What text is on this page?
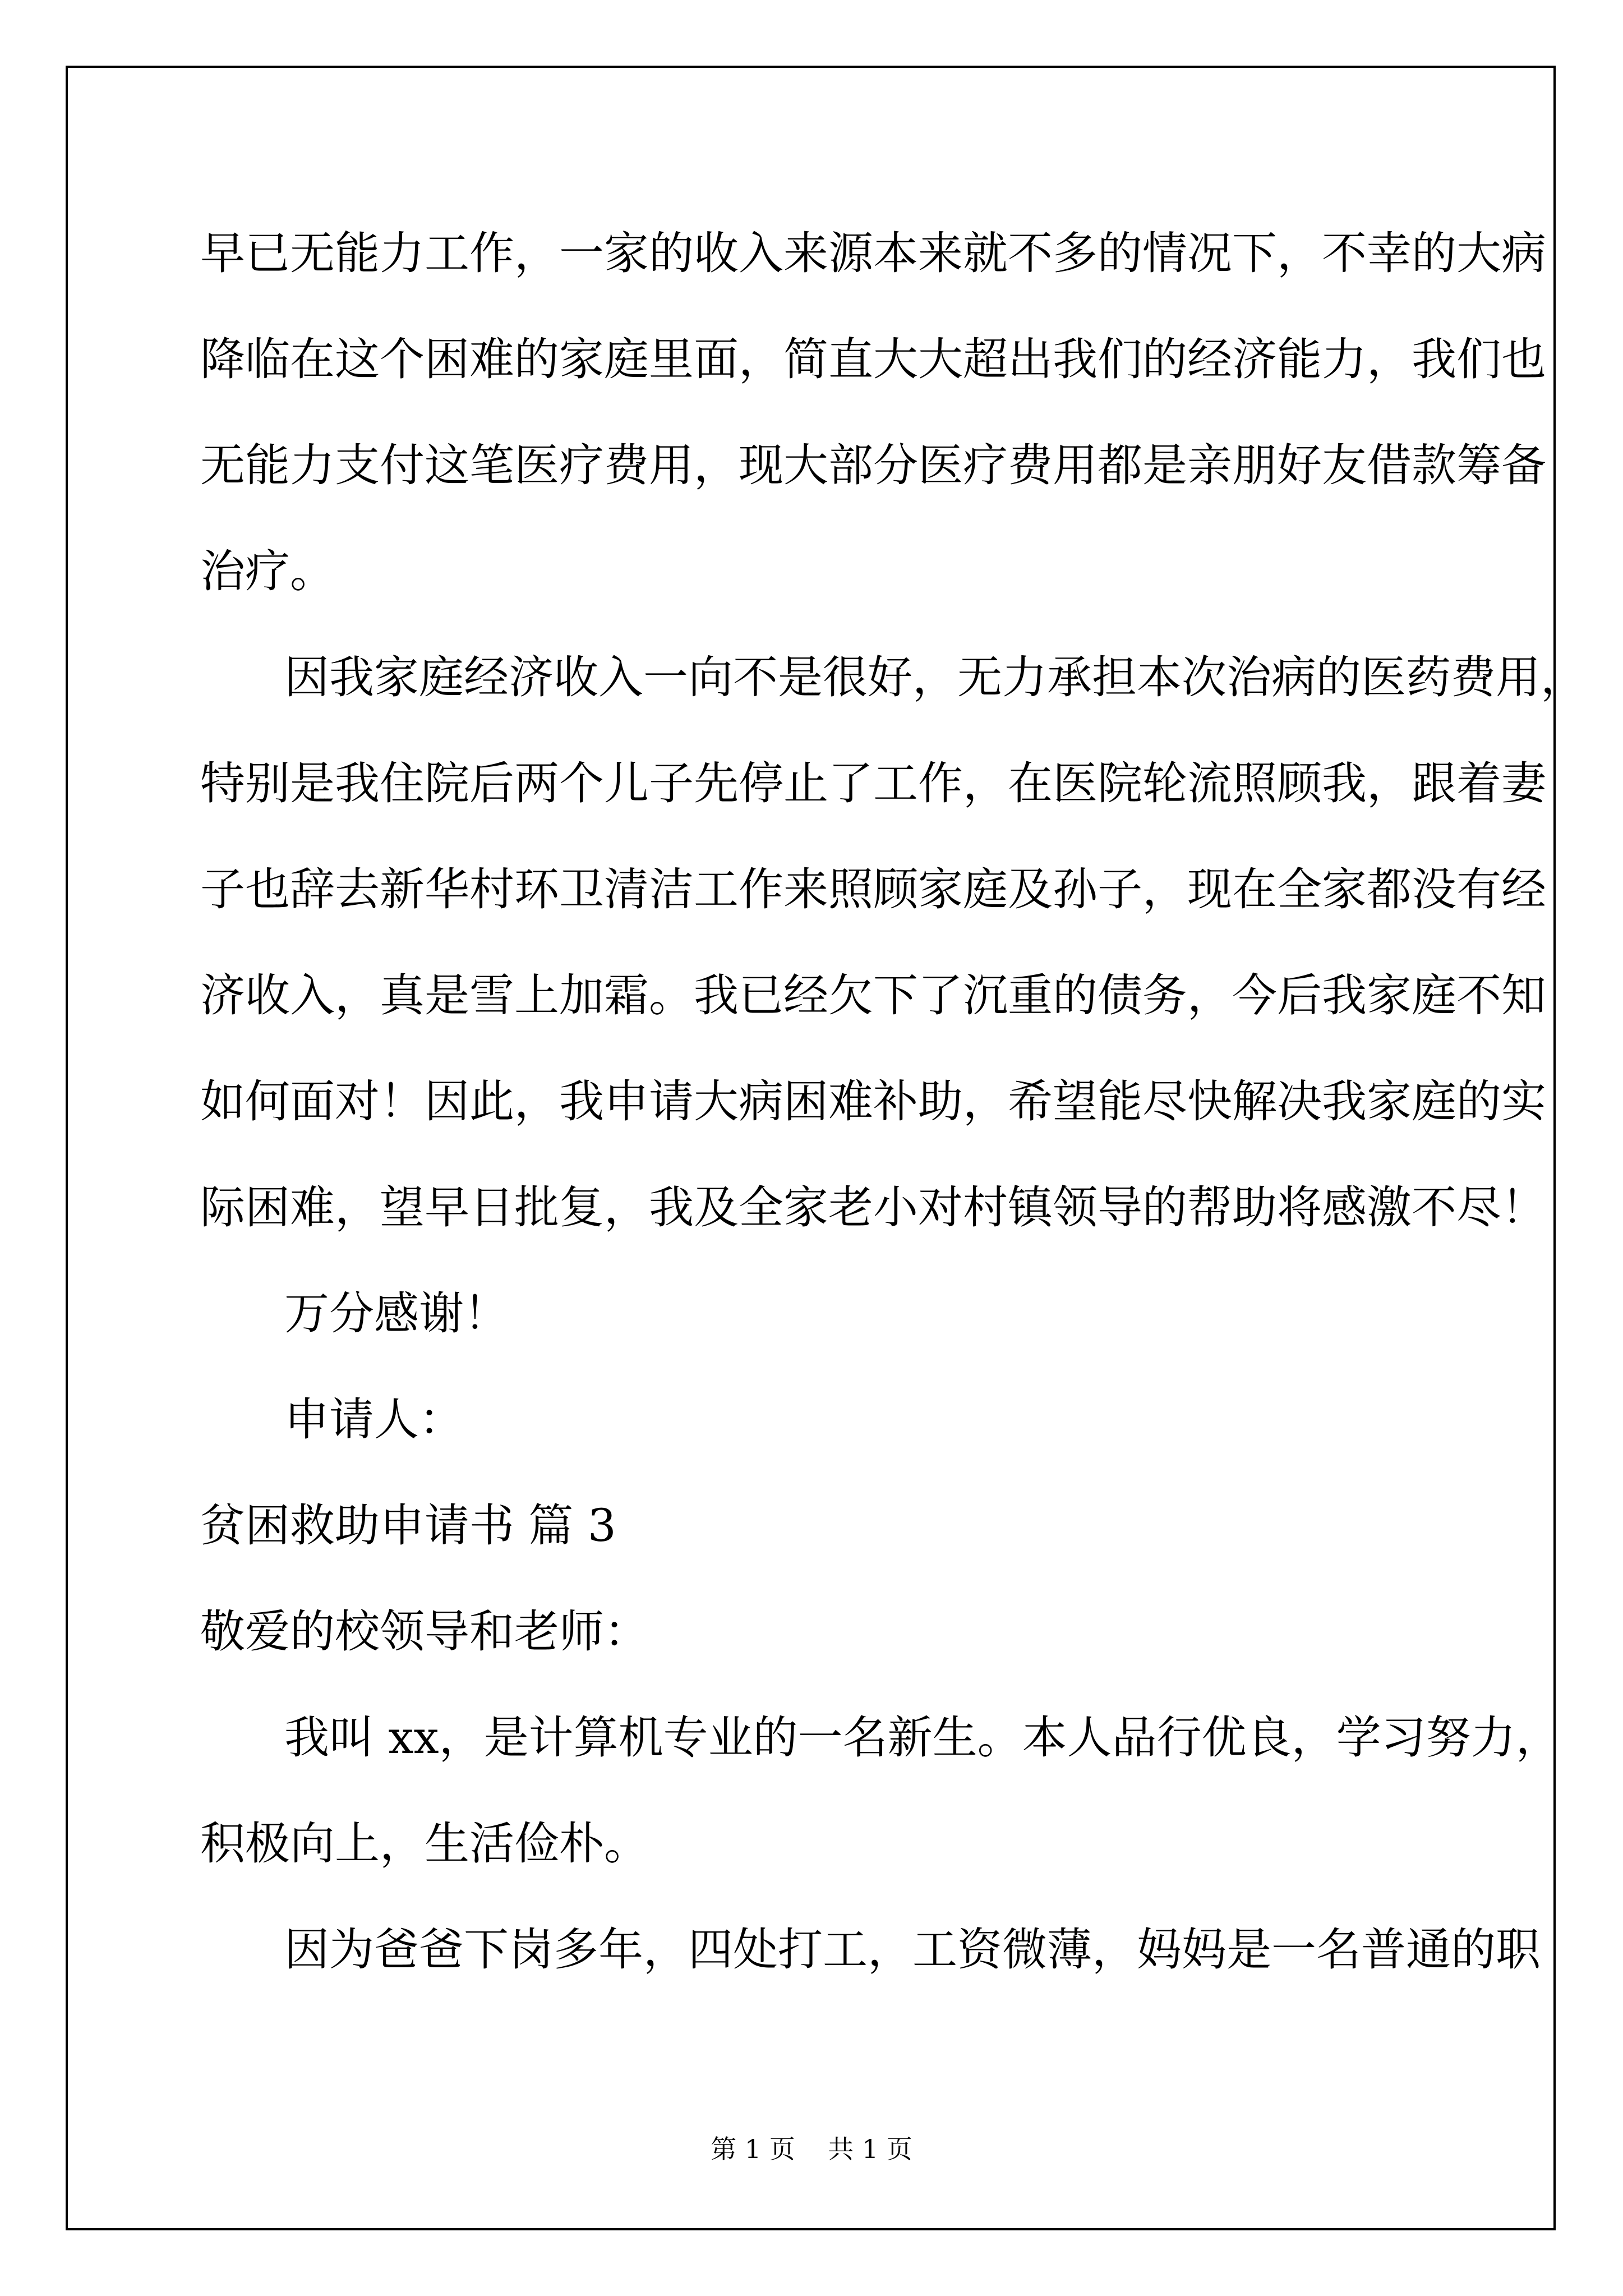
早已无能力工作，一家的收入来源本来就不多的情况下，不幸的大病
降临在这个困难的家庭里面，简直大大超出我们的经济能力，我们也
无能力支付这笔医疗费用，现大部分医疗费用都是亲朋好友借款筹备
治疗。
因我家庭经济收入一向不是很好，无力承担本次治病的医药费用，
特别是我住院后两个儿子先停止了工作，在医院轮流照顾我，跟着妻
子也辞去新华村环卫清洁工作来照顾家庭及孙子，现在全家都没有经
济收入，真是雪上加霜。我已经欠下了沉重的债务，今后我家庭不知
如何面对！因此，我申请大病困难补助，希望能尽快解决我家庭的实
际困难，望早日批复，我及全家老小对村镇领导的帮助将感激不尽！
万分感谢！
申请人：
贫困救助申请书 篇 3
敬爱的校领导和老师：
我叫 xx，是计算机专业的一名新生。本人品行优良，学习努力，
积极向上，生活俭朴。
因为爸爸下岗多年，四处打工，工资微薄，妈妈是一名普通的职
第 1 页    共 1 页
